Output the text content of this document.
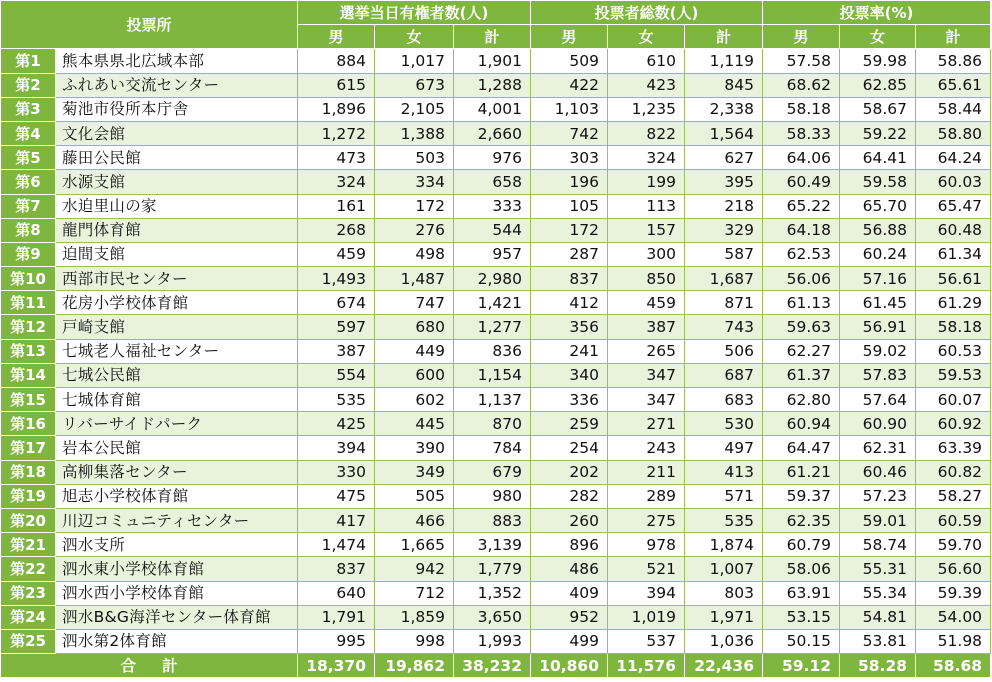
投票所		選挙当日有権者数(人)			投票者総数(人)			投票率(%)		
		男	女	計	男	女	計	男	女	計
第1	熊本県県北広域本部	884	1,017	1,901	509	610	1,119	57.58	59.98	58.86
第2	ふれあい交流センター	615	673	1,288	422	423	845	68.62	62.85	65.61
第3	菊池市役所本庁舎	1,896	2,105	4,001	1,103	1,235	2,338	58.18	58.67	58.44
第4	文化会館	1,272	1,388	2,660	742	822	1,564	58.33	59.22	58.80
第5	藤田公民館	473	503	976	303	324	627	64.06	64.41	64.24
第6	水源支館	324	334	658	196	199	395	60.49	59.58	60.03
第7	水迫里山の家	161	172	333	105	113	218	65.22	65.70	65.47
第8	龍門体育館	268	276	544	172	157	329	64.18	56.88	60.48
第9	迫間支館	459	498	957	287	300	587	62.53	60.24	61.34
第10	西部市民センター	1,493	1,487	2,980	837	850	1,687	56.06	57.16	56.61
第11	花房小学校体育館	674	747	1,421	412	459	871	61.13	61.45	61.29
第12	戸崎支館	597	680	1,277	356	387	743	59.63	56.91	58.18
第13	七城老人福祉センター	387	449	836	241	265	506	62.27	59.02	60.53
第14	七城公民館	554	600	1,154	340	347	687	61.37	57.83	59.53
第15	七城体育館	535	602	1,137	336	347	683	62.80	57.64	60.07
第16	リバーサイドパーク	425	445	870	259	271	530	60.94	60.90	60.92
第17	岩本公民館	394	390	784	254	243	497	64.47	62.31	63.39
第18	高柳集落センター	330	349	679	202	211	413	61.21	60.46	60.82
第19	旭志小学校体育館	475	505	980	282	289	571	59.37	57.23	58.27
第20	川辺コミュニティセンター	417	466	883	260	275	535	62.35	59.01	60.59
第21	泗水支所	1,474	1,665	3,139	896	978	1,874	60.79	58.74	59.70
第22	泗水東小学校体育館	837	942	1,779	486	521	1,007	58.06	55.31	56.60
第23	泗水西小学校体育館	640	712	1,352	409	394	803	63.91	55.34	59.39
第24	泗水B&G海洋センター体育館	1,791	1,859	3,650	952	1,019	1,971	53.15	54.81	54.00
第25	泗水第2体育館	995	998	1,993	499	537	1,036	50.15	53.81	51.98
合計		18,370	19,862	38,232	10,860	11,576	22,436	59.12	58.28	58.68
